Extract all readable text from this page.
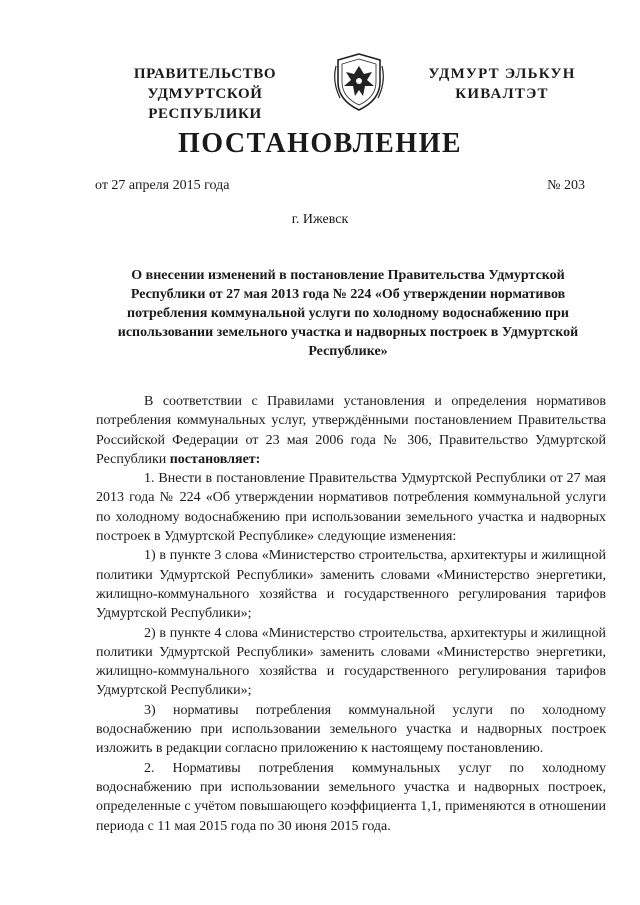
ПРАВИТЕЛЬСТВО
УДМУРТСКОЙ РЕСПУБЛИКИ
УДМУРТ ЭЛЬКУН
КИВАЛТЭТ
ПОСТАНОВЛЕНИЕ
от 27 апреля 2015 года	№ 203
г. Ижевск
О внесении изменений в постановление Правительства Удмуртской Республики от 27 мая 2013 года № 224 «Об утверждении нормативов потребления коммунальной услуги по холодному водоснабжению при использовании земельного участка и надворных построек в Удмуртской Республике»

В соответствии с Правилами установления и определения нормативов потребления коммунальных услуг, утверждёнными постановлением Правительства Российской Федерации от 23 мая 2006 года № 306, Правительство Удмуртской Республики постановляет:

1. Внести в постановление Правительства Удмуртской Республики от 27 мая 2013 года № 224 «Об утверждении нормативов потребления коммунальной услуги по холодному водоснабжению при использовании земельного участка и надворных построек в Удмуртской Республике» следующие изменения:

1) в пункте 3 слова «Министерство строительства, архитектуры и жилищной политики Удмуртской Республики» заменить словами «Министерство энергетики, жилищно-коммунального хозяйства и государственного регулирования тарифов Удмуртской Республики»;

2) в пункте 4 слова «Министерство строительства, архитектуры и жилищной политики Удмуртской Республики» заменить словами «Министерство энергетики, жилищно-коммунального хозяйства и государственного регулирования тарифов Удмуртской Республики»;

3) нормативы потребления коммунальной услуги по холодному водоснабжению при использовании земельного участка и надворных построек изложить в редакции согласно приложению к настоящему постановлению.

2. Нормативы потребления коммунальных услуг по холодному водоснабжению при использовании земельного участка и надворных построек, определенные с учётом повышающего коэффициента 1,1, применяются в отношении периода с 11 мая 2015 года по 30 июня 2015 года.
